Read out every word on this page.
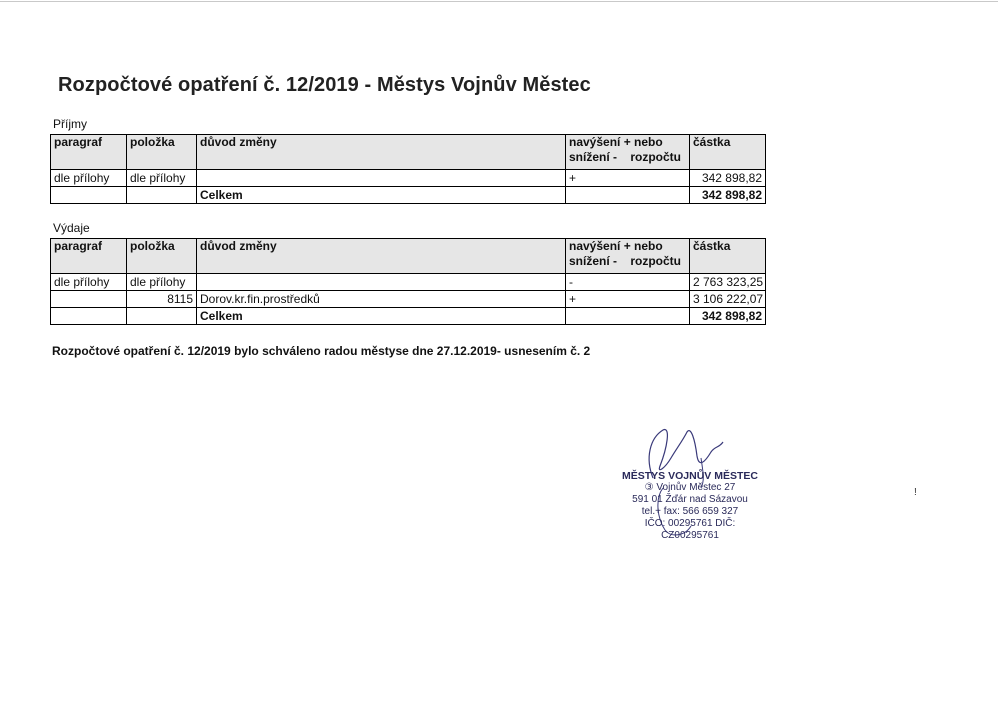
Rozpočtové opatření č. 12/2019 - Městys Vojnův Městec
Příjmy
paragraf	položka	důvod změny	navýšení + nebo
snížení -    rozpočtu	částka
dle přílohy	dle přílohy		+	342 898,82
		Celkem		342 898,82
Výdaje
paragraf	položka	důvod změny	navýšení + nebo
snížení -    rozpočtu	částka
dle přílohy	dle přílohy		-	2 763 323,25
	8115	Dorov.kr.fin.prostředků	+	3 106 222,07
		Celkem		342 898,82

Rozpočtové opatření č. 12/2019 bylo schváleno radou městyse dne 27.12.2019- usnesením č. 2

MĚSTYS VOJNŮV MĚSTEC
③ Vojnův Městec 27
591 01 Žďár nad Sázavou
tel.+ fax: 566 659 327
IČO: 00295761 DIČ: CZ00295761
!
